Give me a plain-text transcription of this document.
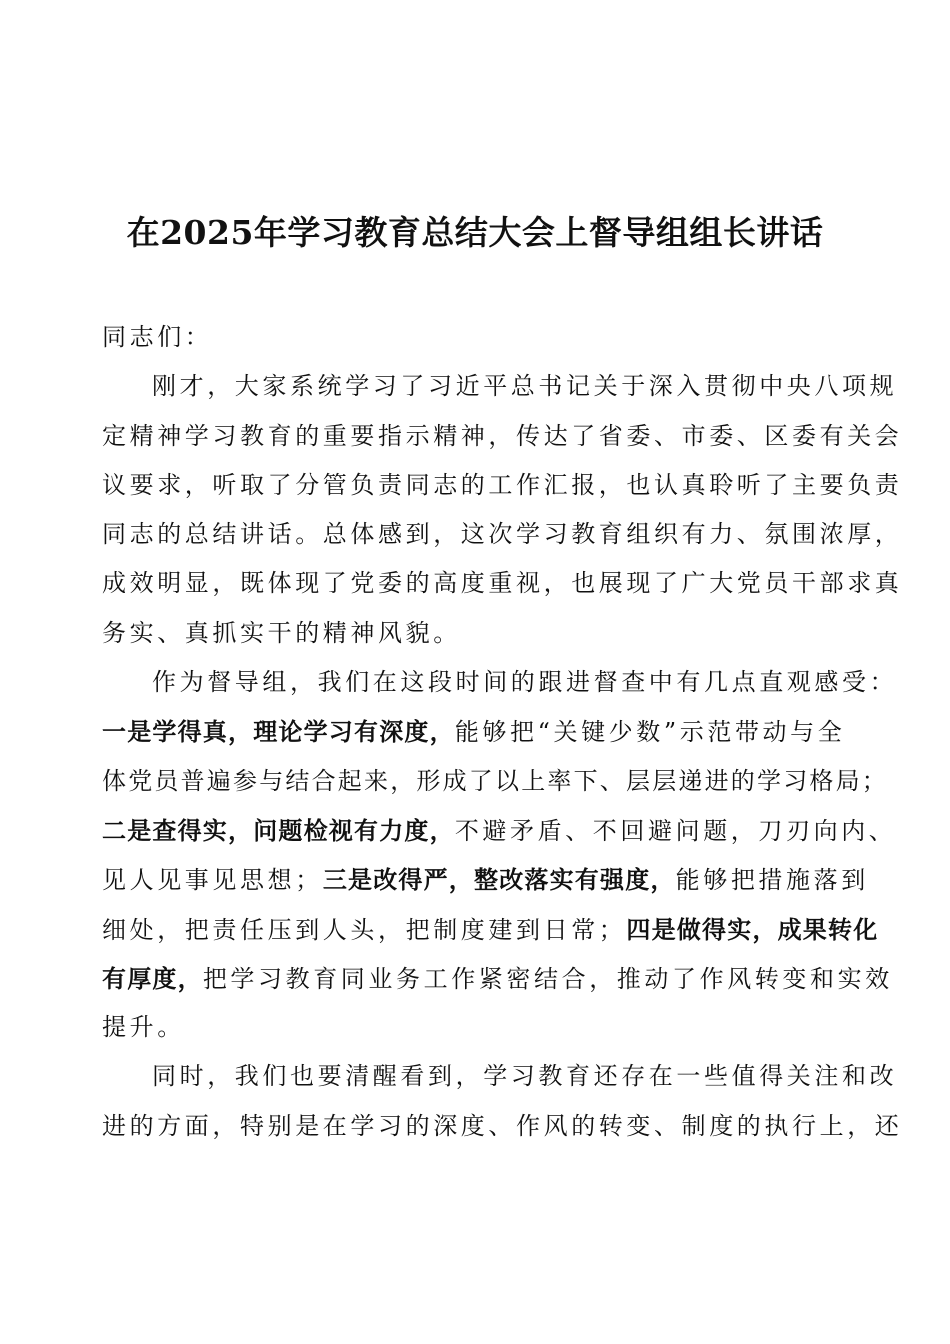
在2025年学习教育总结大会上督导组组长讲话
同志们：
刚才，大家系统学习了习近平总书记关于深入贯彻中央八项规
定精神学习教育的重要指示精神，传达了省委、市委、区委有关会
议要求，听取了分管负责同志的工作汇报，也认真聆听了主要负责
同志的总结讲话。总体感到，这次学习教育组织有力、氛围浓厚，
成效明显，既体现了党委的高度重视，也展现了广大党员干部求真
务实、真抓实干的精神风貌。
作为督导组，我们在这段时间的跟进督查中有几点直观感受：
一是学得真，理论学习有深度，能够把“关键少数”示范带动与全
体党员普遍参与结合起来，形成了以上率下、层层递进的学习格局；
二是查得实，问题检视有力度，不避矛盾、不回避问题，刀刃向内、
见人见事见思想；三是改得严，整改落实有强度，能够把措施落到
细处，把责任压到人头，把制度建到日常；四是做得实，成果转化
有厚度，把学习教育同业务工作紧密结合，推动了作风转变和实效
提升。
同时，我们也要清醒看到，学习教育还存在一些值得关注和改
进的方面，特别是在学习的深度、作风的转变、制度的执行上，还
